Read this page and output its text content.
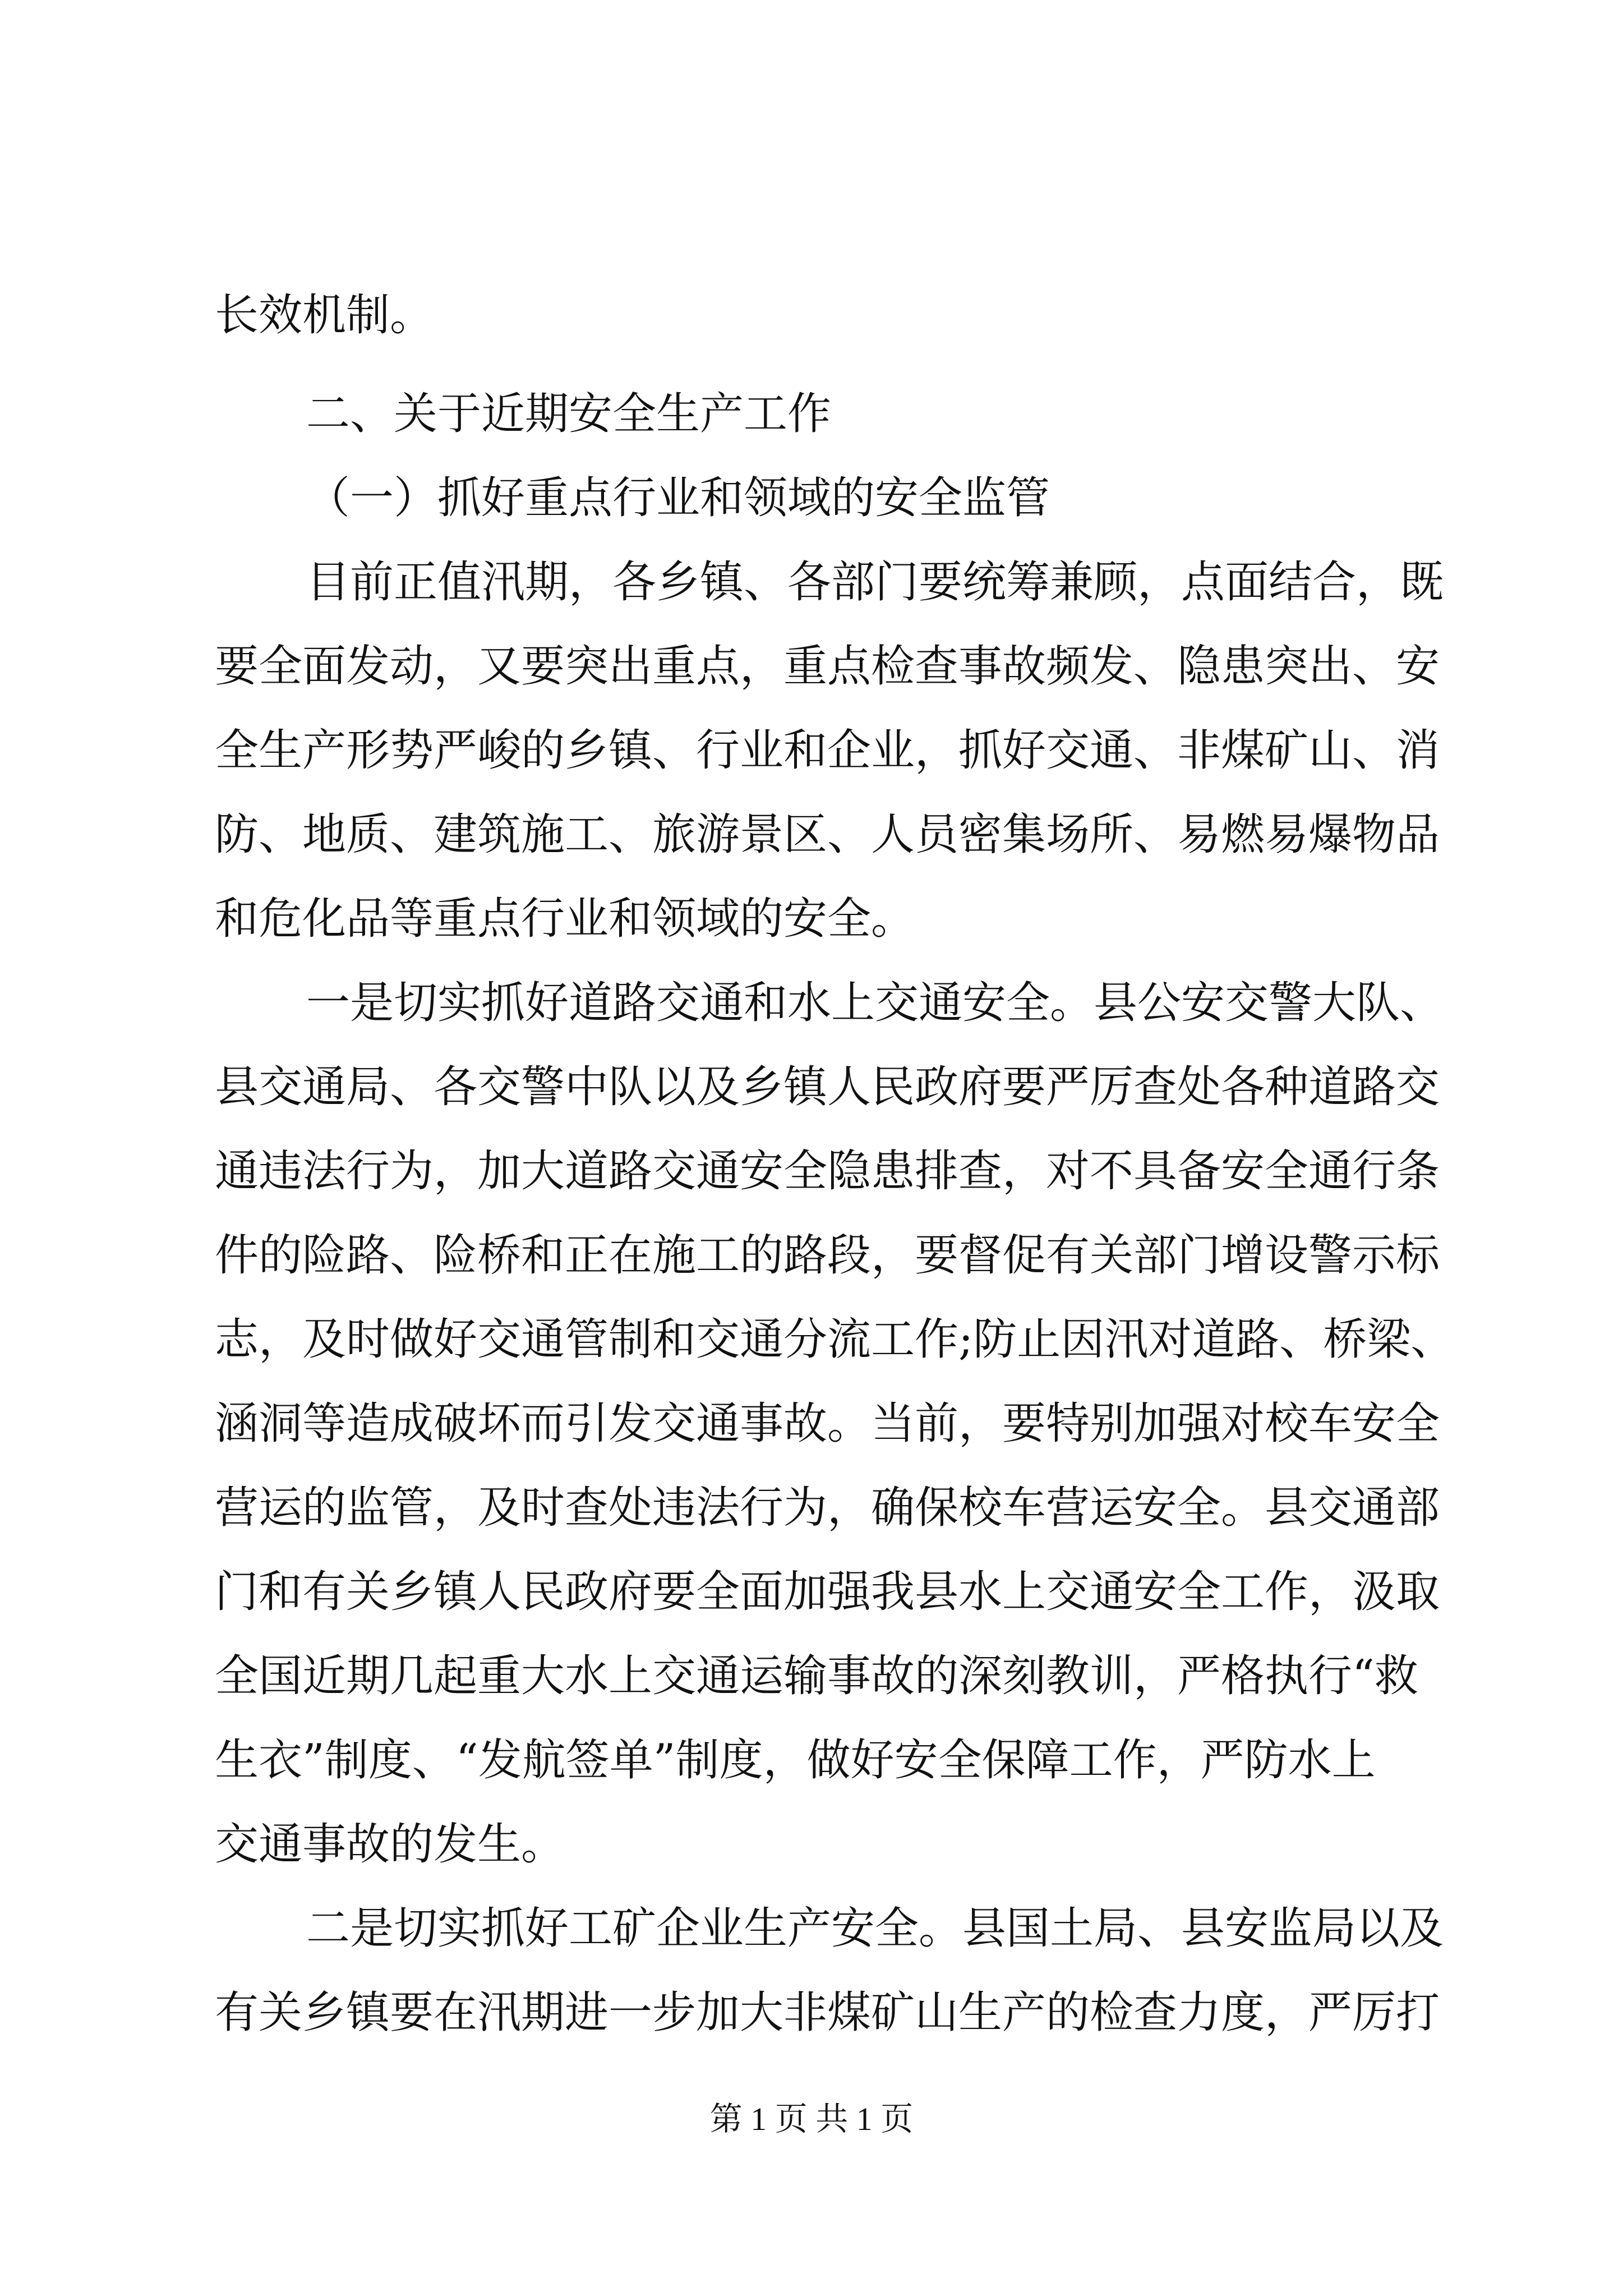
长效机制。
二、关于近期安全生产工作
（一）抓好重点行业和领域的安全监管
目前正值汛期，各乡镇、各部门要统筹兼顾，点面结合，既
要全面发动，又要突出重点，重点检查事故频发、隐患突出、安
全生产形势严峻的乡镇、行业和企业，抓好交通、非煤矿山、消
防、地质、建筑施工、旅游景区、人员密集场所、易燃易爆物品
和危化品等重点行业和领域的安全。
一是切实抓好道路交通和水上交通安全。县公安交警大队、
县交通局、各交警中队以及乡镇人民政府要严厉查处各种道路交
通违法行为，加大道路交通安全隐患排查，对不具备安全通行条
件的险路、险桥和正在施工的路段，要督促有关部门增设警示标
志，及时做好交通管制和交通分流工作;防止因汛对道路、桥梁、
涵洞等造成破坏而引发交通事故。当前，要特别加强对校车安全
营运的监管，及时查处违法行为，确保校车营运安全。县交通部
门和有关乡镇人民政府要全面加强我县水上交通安全工作，汲取
全国近期几起重大水上交通运输事故的深刻教训，严格执行“救
生衣”制度、“发航签单”制度，做好安全保障工作，严防水上
交通事故的发生。
二是切实抓好工矿企业生产安全。县国土局、县安监局以及
有关乡镇要在汛期进一步加大非煤矿山生产的检查力度，严厉打
第 1 页 共 1 页
